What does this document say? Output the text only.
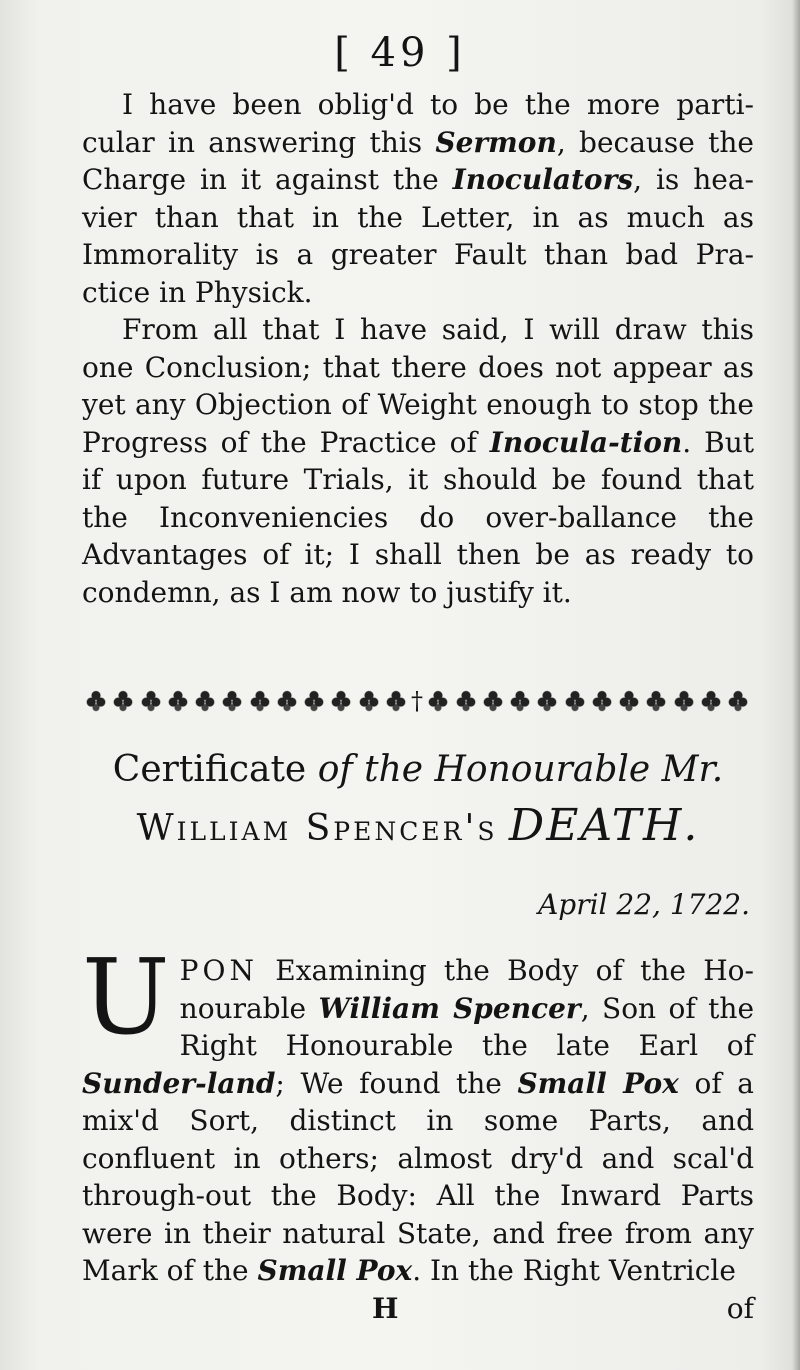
[ 49 ]

I have been oblig'd to be the more parti-cular in answering this Sermon, because the Charge in it against the Inoculators, is hea-vier than that in the Letter, in as much as Immorality is a greater Fault than bad Pra-ctice in Physick.

From all that I have said, I will draw this one Conclusion; that there does not appear as yet any Objection of Weight enough to stop the Progress of the Practice of Inocula-tion. But if upon future Trials, it should be found that the Inconveniencies do over-ballance the Advantages of it; I shall then be as ready to condemn, as I am now to justify it.

†
Certificate of the Honourable Mr.
William Spencer's DEATH.
April 22, 1722.

UPON Examining the Body of the Ho-nourable William Spencer, Son of the Right Honourable the late Earl of Sunder-land; We found the Small Pox of a mix'd Sort, distinct in some Parts, and confluent in others; almost dry'd and scal'd through-out the Body: All the Inward Parts were in their natural State, and free from any Mark of the Small Pox. In the Right Ventricle

H	of
